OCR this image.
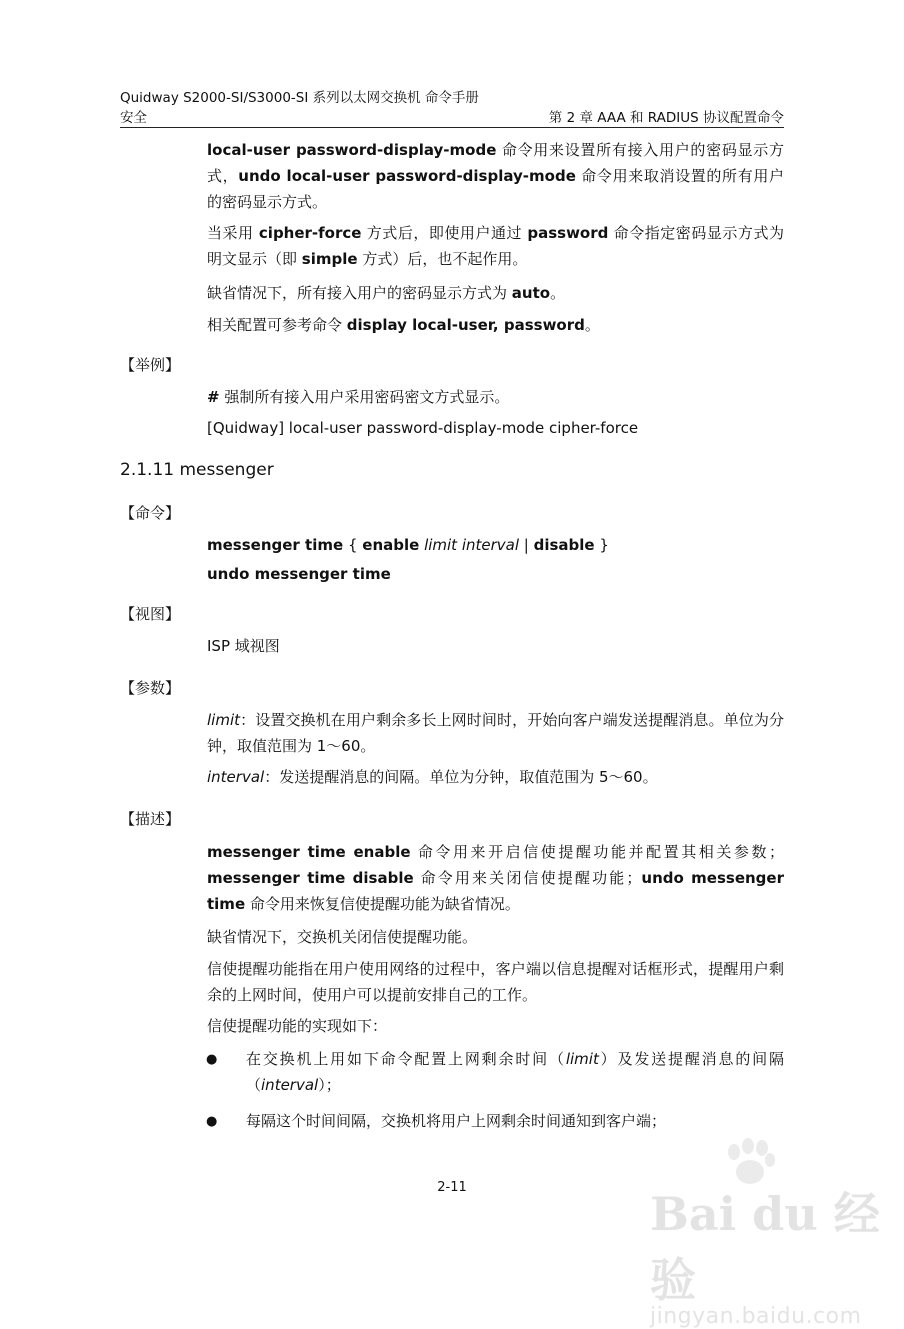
Quidway S2000-SI/S3000-SI 系列以太网交换机 命令手册
安全	第 2 章 AAA 和 RADIUS 协议配置命令

local-user password-display-mode 命令用来设置所有接入用户的密码显示方式，undo local-user password-display-mode 命令用来取消设置的所有用户的密码显示方式。

当采用 cipher-force 方式后，即使用户通过 password 命令指定密码显示方式为明文显示（即 simple 方式）后，也不起作用。

缺省情况下，所有接入用户的密码显示方式为 auto。

相关配置可参考命令 display local-user, password。

【举例】

# 强制所有接入用户采用密码密文方式显示。

[Quidway] local-user password-display-mode cipher-force

2.1.11 messenger
【命令】

messenger time { enable limit interval | disable }

undo messenger time

【视图】

ISP 域视图

【参数】

limit：设置交换机在用户剩余多长上网时间时，开始向客户端发送提醒消息。单位为分钟，取值范围为 1～60。

interval：发送提醒消息的间隔。单位为分钟，取值范围为 5～60。

【描述】

messenger time enable 命令用来开启信使提醒功能并配置其相关参数；messenger time disable 命令用来关闭信使提醒功能；undo messenger time 命令用来恢复信使提醒功能为缺省情况。

缺省情况下，交换机关闭信使提醒功能。

信使提醒功能指在用户使用网络的过程中，客户端以信息提醒对话框形式，提醒用户剩余的上网时间，使用户可以提前安排自己的工作。

信使提醒功能的实现如下：

● 在交换机上用如下命令配置上网剩余时间（limit）及发送提醒消息的间隔（interval）；

● 每隔这个时间间隔，交换机将用户上网剩余时间通知到客户端；

2-11	Bai du 经验
jingyan.baidu.com
